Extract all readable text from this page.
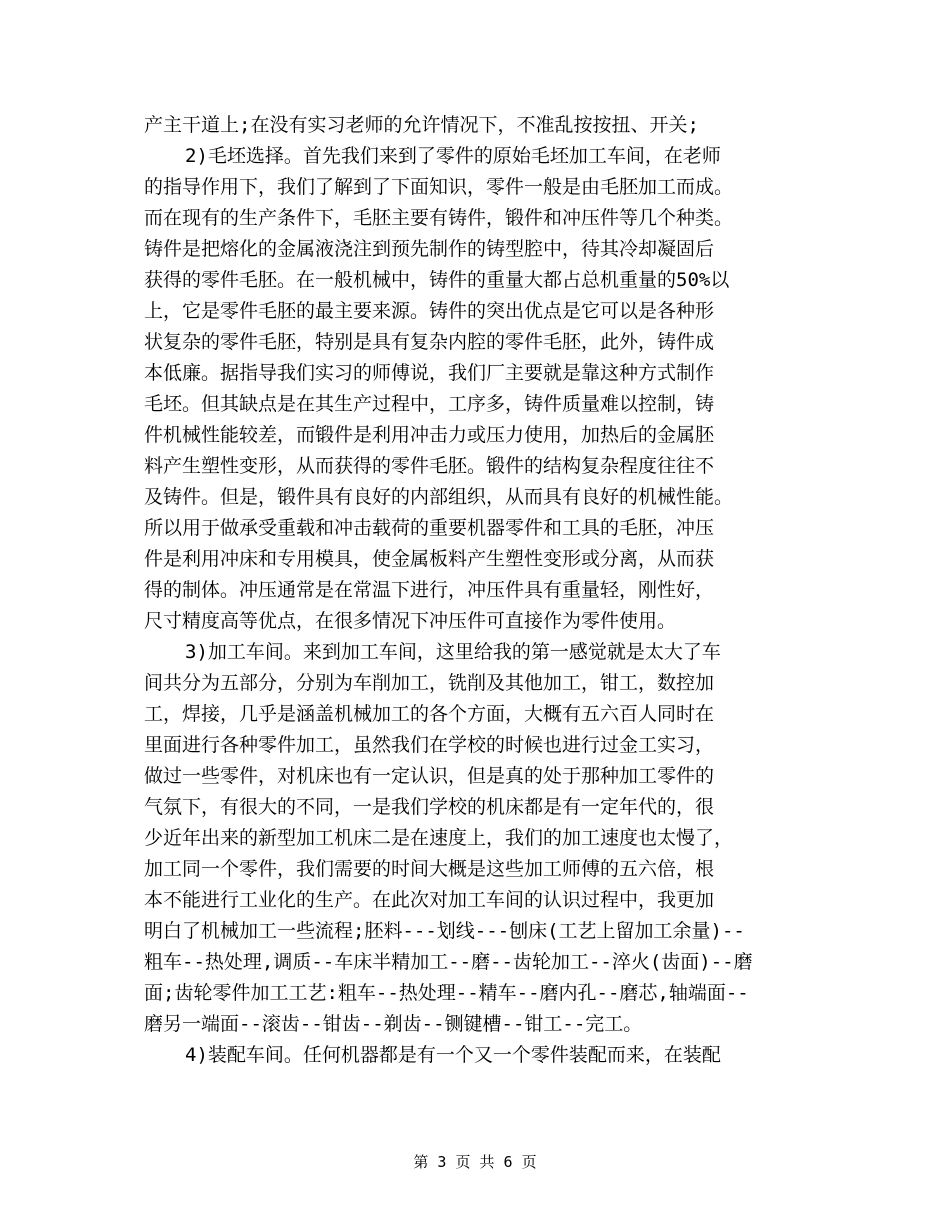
产主干道上;在没有实习老师的允许情况下，不准乱按按扭、开关;
2)毛坯选择。首先我们来到了零件的原始毛坯加工车间，在老师
的指导作用下，我们了解到了下面知识，零件一般是由毛胚加工而成。
而在现有的生产条件下，毛胚主要有铸件，锻件和冲压件等几个种类。
铸件是把熔化的金属液浇注到预先制作的铸型腔中，待其冷却凝固后
获得的零件毛胚。在一般机械中，铸件的重量大都占总机重量的50%以
上，它是零件毛胚的最主要来源。铸件的突出优点是它可以是各种形
状复杂的零件毛胚，特别是具有复杂内腔的零件毛胚，此外，铸件成
本低廉。据指导我们实习的师傅说，我们厂主要就是靠这种方式制作
毛坯。但其缺点是在其生产过程中，工序多，铸件质量难以控制，铸
件机械性能较差，而锻件是利用冲击力或压力使用，加热后的金属胚
料产生塑性变形，从而获得的零件毛胚。锻件的结构复杂程度往往不
及铸件。但是，锻件具有良好的内部组织，从而具有良好的机械性能。
所以用于做承受重载和冲击载荷的重要机器零件和工具的毛胚，冲压
件是利用冲床和专用模具，使金属板料产生塑性变形或分离，从而获
得的制体。冲压通常是在常温下进行，冲压件具有重量轻，刚性好，
尺寸精度高等优点，在很多情况下冲压件可直接作为零件使用。
3)加工车间。来到加工车间，这里给我的第一感觉就是太大了车
间共分为五部分，分别为车削加工，铣削及其他加工，钳工，数控加
工，焊接，几乎是涵盖机械加工的各个方面，大概有五六百人同时在
里面进行各种零件加工，虽然我们在学校的时候也进行过金工实习，
做过一些零件，对机床也有一定认识，但是真的处于那种加工零件的
气氛下，有很大的不同，一是我们学校的机床都是有一定年代的，很
少近年出来的新型加工机床二是在速度上，我们的加工速度也太慢了，
加工同一个零件，我们需要的时间大概是这些加工师傅的五六倍，根
本不能进行工业化的生产。在此次对加工车间的认识过程中，我更加
明白了机械加工一些流程;胚料---划线---刨床(工艺上留加工余量)--
粗车--热处理,调质--车床半精加工--磨--齿轮加工--淬火(齿面)--磨
面;齿轮零件加工工艺:粗车--热处理--精车--磨内孔--磨芯,轴端面--
磨另一端面--滚齿--钳齿--剃齿--铡键槽--钳工--完工。
4)装配车间。任何机器都是有一个又一个零件装配而来，在装配
第 3 页 共 6 页
